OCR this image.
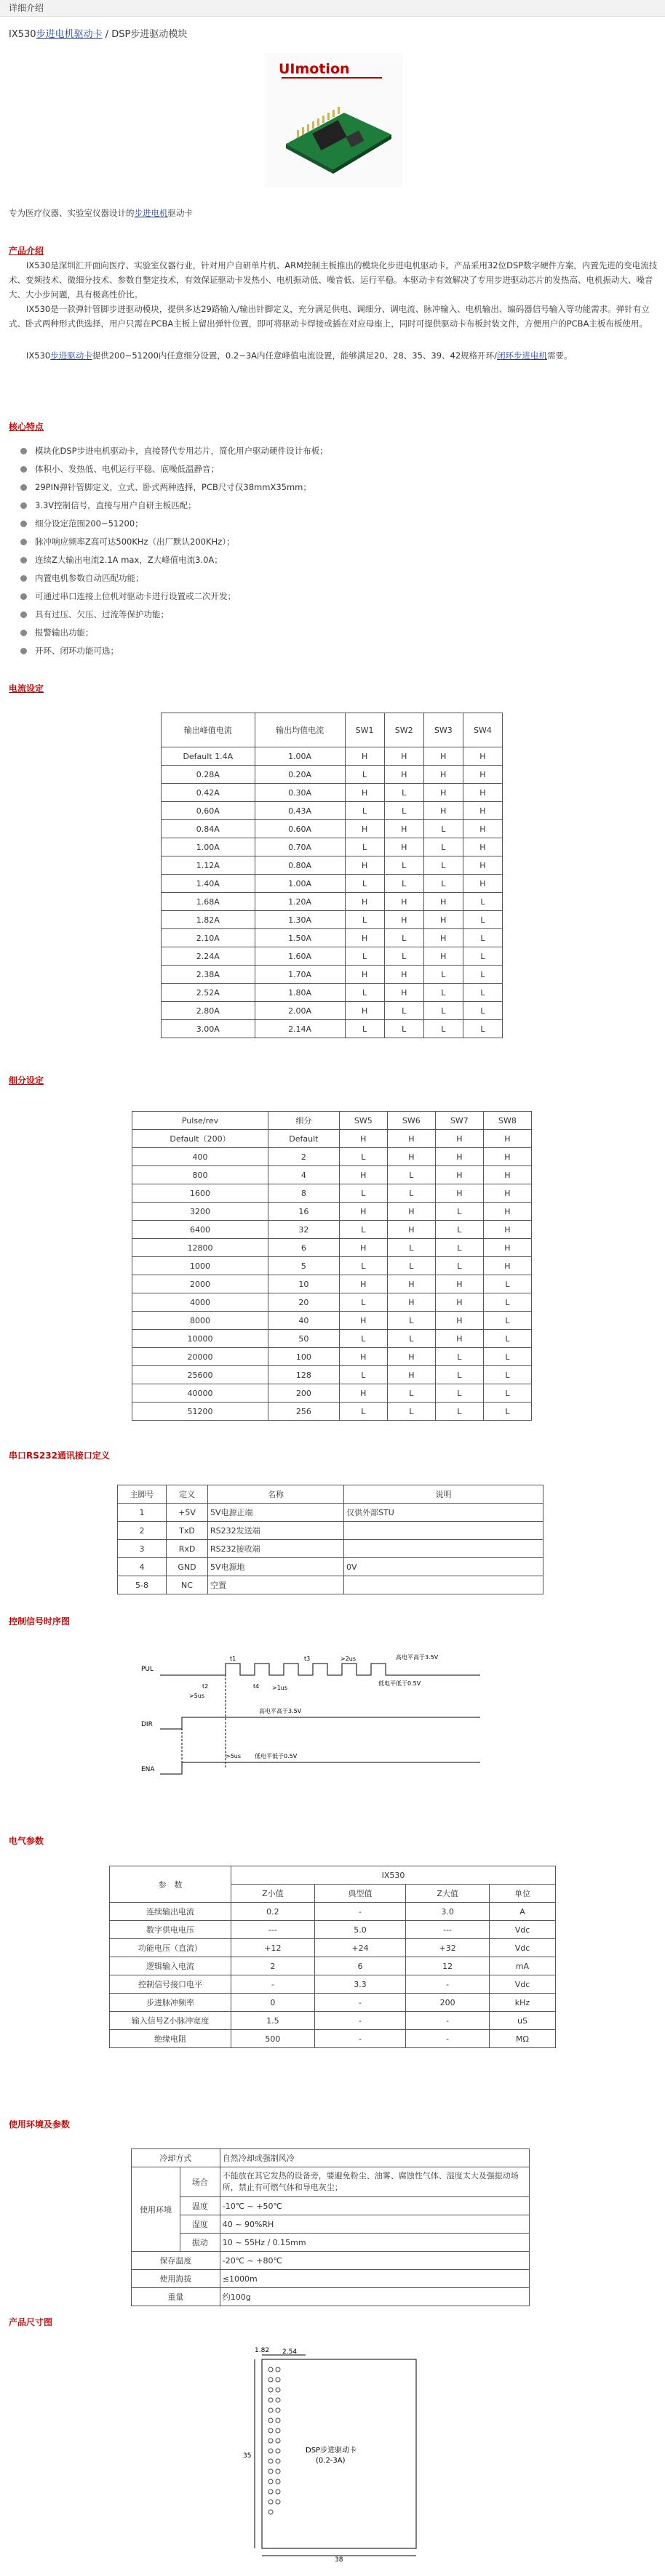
详细介绍
IX530步进电机驱动卡 / DSP步进驱动模块
UImotion
专为医疗仪器、实验室仪器设计的步进电机驱动卡
产品介绍
IX530是深圳汇开面向医疗、实验室仪器行业，针对用户自研单片机、ARM控制主板推出的模块化步进电机驱动卡。产品采用32位DSP数字硬件方案，内置先进的变电流技术、变频技术、微细分技术、参数自整定技术，有效保证驱动卡发热小、电机振动低、噪音低、运行平稳。本驱动卡有效解决了专用步进驱动芯片的发热高、电机振动大、噪音大、大小步问题，具有极高性价比。
IX530是一款弹针管脚步进驱动模块，提供多达29路输入/输出针脚定义，充分满足供电、调细分、调电流、脉冲输入、电机输出、编码器信号输入等功能需求。弹针有立式、卧式两种形式供选择，用户只需在PCBA主板上留出弹针位置，即可将驱动卡焊接或插在对应母座上，同时可提供驱动卡布板封装文件，方便用户的PCBA主板布板使用。
IX530步进驱动卡提供200~51200内任意细分设置，0.2~3A内任意峰值电流设置，能够满足20、28、35、39、42规格开环/闭环步进电机需要。
核心特点
模块化DSP步进电机驱动卡，直接替代专用芯片，简化用户驱动硬件设计布板；
体积小、发热低、电机运行平稳、底噪低温静音；
29PIN弹针管脚定义，立式、卧式两种选择，PCB尺寸仅38mmX35mm；
3.3V控制信号，直接与用户自研主板匹配；
细分设定范围200~51200；
脉冲响应频率Z高可达500KHz（出厂默认200KHz）；
连续Z大输出电流2.1A max，Z大峰值电流3.0A；
内置电机参数自动匹配功能；
可通过串口连接上位机对驱动卡进行设置或二次开发；
具有过压、欠压、过流等保护功能；
报警输出功能；
开环、闭环功能可选；
电流设定
输出峰值电流	输出均值电流	SW1	SW2	SW3	SW4
Default 1.4A	1.00A	H	H	H	H
0.28A	0.20A	L	H	H	H
0.42A	0.30A	H	L	H	H
0.60A	0.43A	L	L	H	H
0.84A	0.60A	H	H	L	H
1.00A	0.70A	L	H	L	H
1.12A	0.80A	H	L	L	H
1.40A	1.00A	L	L	L	H
1.68A	1.20A	H	H	H	L
1.82A	1.30A	L	H	H	L
2.10A	1.50A	H	L	H	L
2.24A	1.60A	L	L	H	L
2.38A	1.70A	H	H	L	L
2.52A	1.80A	L	H	L	L
2.80A	2.00A	H	L	L	L
3.00A	2.14A	L	L	L	L
细分设定
Pulse/rev	细分	SW5	SW6	SW7	SW8
Default（200）	Default	H	H	H	H
400	2	L	H	H	H
800	4	H	L	H	H
1600	8	L	L	H	H
3200	16	H	H	L	H
6400	32	L	H	L	H
12800	6	H	L	L	H
1000	5	L	L	L	H
2000	10	H	H	H	L
4000	20	L	H	H	L
8000	40	H	L	H	L
10000	50	L	L	H	L
20000	100	H	H	L	L
25600	128	L	H	L	L
40000	200	H	L	L	L
51200	256	L	L	L	L
串口RS232通讯接口定义
主脚号	定义	名称	说明
1	+5V	5V电源正端	仅供外部STU
2	TxD	RS232发送端	
3	RxD	RS232接收端	
4	GND	5V电源地	0V
5-8	NC	空置	
控制信号时序图
PUL
DIR
ENA
t2
t1
t4
t3
>5us
>2us
>1us
>5us
高电平高于3.5V
低电平低于0.5V
高电平高于3.5V
低电平低于0.5V
电气参数
参　数	IX530			
	Z小值	典型值	Z大值	单位
连续输出电流	0.2	-	3.0	A
数字供电电压	---	5.0	---	Vdc
功能电压（直流）	+12	+24	+32	Vdc
逻辑输入电流	2	6	12	mA
控制信号接口电平	-	3.3	-	Vdc
步进脉冲频率	0	-	200	kHz
输入信号Z小脉冲宽度	1.5	-	-	uS
绝缘电阻	500	-	-	MΩ
使用环境及参数
冷却方式		自然冷却或强制风冷
使用环境	场合	不能放在其它发热的设备旁，要避免粉尘、油雾、腐蚀性气体、湿度太大及强振动场所，禁止有可燃气体和导电灰尘；
	温度	-10℃ ~ +50℃
	湿度	40 ~ 90%RH
	振动	10 ~ 55Hz / 0.15mm
保存温度		-20℃ ~ +80℃
使用海拔		≤1000m
重量		约100g
产品尺寸图
1.82 2.54
35
38
DSP步进驱动卡
(0.2-3A)
